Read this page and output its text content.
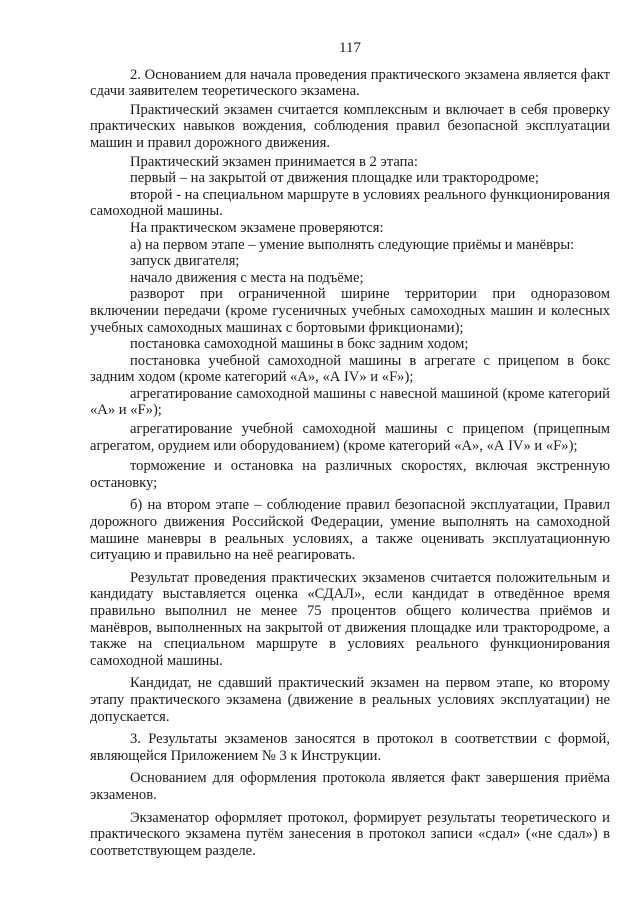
117

2. Основанием для начала проведения практического экзамена является факт сдачи заявителем теоретического экзамена.

Практический экзамен считается комплексным и включает в себя проверку практических навыков вождения, соблюдения правил безопасной эксплуатации машин и правил дорожного движения.

Практический экзамен принимается в 2 этапа:

первый – на закрытой от движения площадке или трактородроме;

второй - на специальном маршруте в условиях реального функционирования самоходной машины.

На практическом экзамене проверяются:

а) на первом этапе – умение выполнять следующие приёмы и манёвры:

запуск двигателя;

начало движения с места на подъёме;

разворот при ограниченной ширине территории при одноразовом включении передачи (кроме гусеничных учебных самоходных машин и колесных учебных самоходных машинах с бортовыми фрикционами);

постановка самоходной машины в бокс задним ходом;

постановка учебной самоходной машины в агрегате с прицепом в бокс задним ходом (кроме категорий «А», «А IV» и «F»);

агрегатирование самоходной машины с навесной машиной (кроме категорий «А» и «F»);

агрегатирование учебной самоходной машины с прицепом (прицепным агрегатом, орудием или оборудованием) (кроме категорий «А», «А IV» и «F»);

торможение и остановка на различных скоростях, включая экстренную остановку;

б) на втором этапе – соблюдение правил безопасной эксплуатации, Правил дорожного движения Российской Федерации, умение выполнять на самоходной машине маневры в реальных условиях, а также оценивать эксплуатационную ситуацию и правильно на неё реагировать.

Результат проведения практических экзаменов считается положительным и кандидату выставляется оценка «СДАЛ», если кандидат в отведённое время правильно выполнил не менее 75 процентов общего количества приёмов и манёвров, выполненных на закрытой от движения площадке или трактородроме, а также на специальном маршруте в условиях реального функционирования самоходной машины.

Кандидат, не сдавший практический экзамен на первом этапе, ко второму этапу практического экзамена (движение в реальных условиях эксплуатации) не допускается.

3. Результаты экзаменов заносятся в протокол в соответствии с формой, являющейся Приложением № 3 к Инструкции.

Основанием для оформления протокола является факт завершения приёма экзаменов.

Экзаменатор оформляет протокол, формирует результаты теоретического и практического экзамена путём занесения в протокол записи «сдал» («не сдал») в соответствующем разделе.
